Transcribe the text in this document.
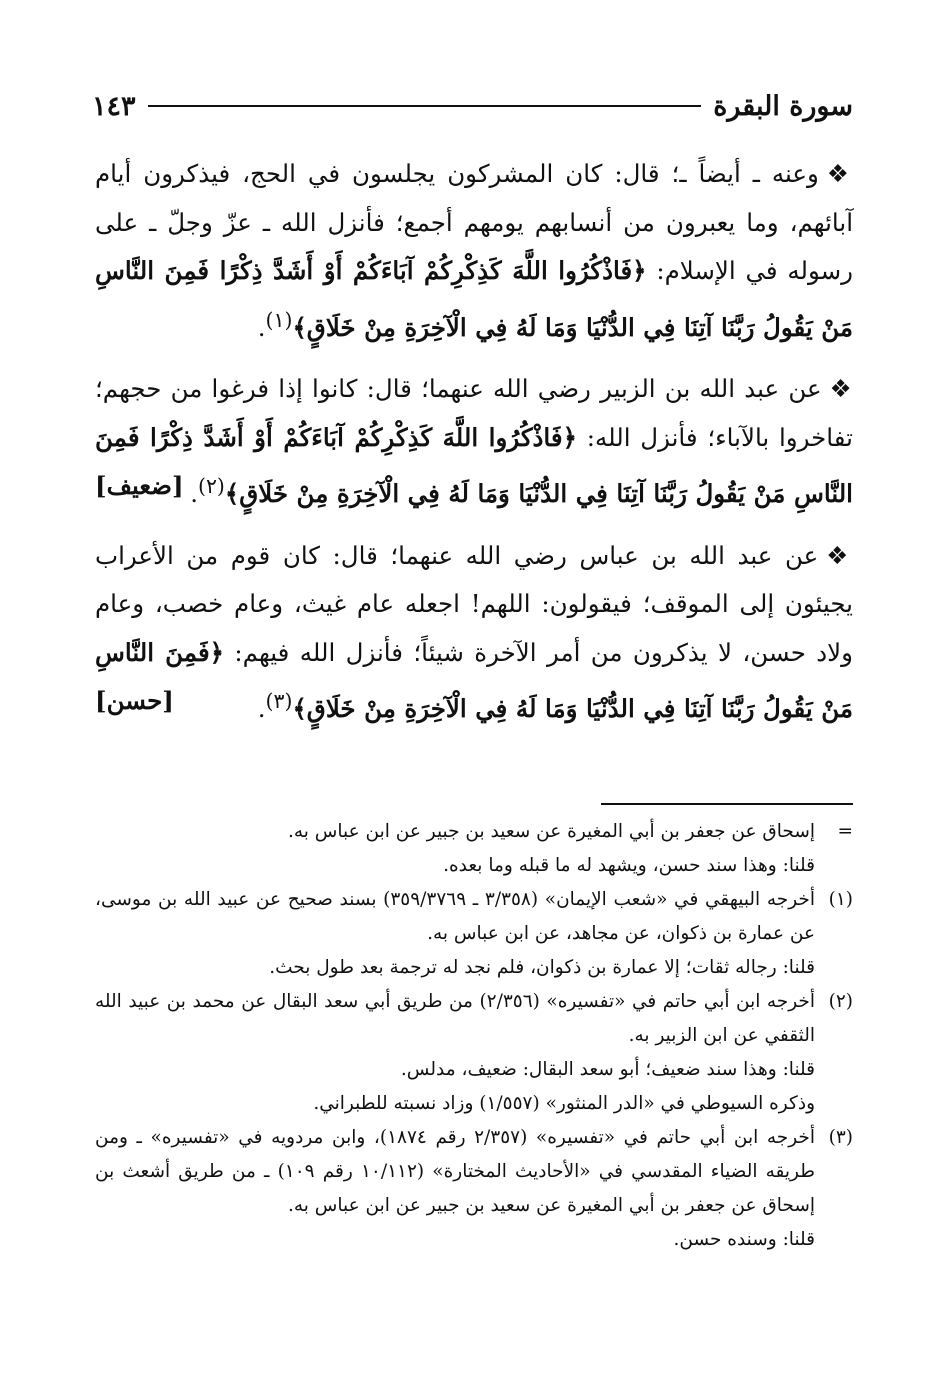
سورة البقرة
١٤٣

❖وعنه ـ أيضاً ـ؛ قال: كان المشركون يجلسون في الحج، فيذكرون أيام آبائهم، وما يعبرون من أنسابهم يومهم أجمع؛ فأنزل الله ـ عزّ وجلّ ـ على رسوله في الإسلام: ﴿فَاذْكُرُوا اللَّهَ كَذِكْرِكُمْ آبَاءَكُمْ أَوْ أَشَدَّ ذِكْرًا فَمِنَ النَّاسِ مَنْ يَقُولُ رَبَّنَا آتِنَا فِي الدُّنْيَا وَمَا لَهُ فِي الْآخِرَةِ مِنْ خَلَاقٍ﴾$^{(١)}$.

❖عن عبد الله بن الزبير رضي الله عنهما؛ قال: كانوا إذا فرغوا من حجهم؛ تفاخروا بالآباء؛ فأنزل الله: ﴿فَاذْكُرُوا اللَّهَ كَذِكْرِكُمْ آبَاءَكُمْ أَوْ أَشَدَّ ذِكْرًا فَمِنَ النَّاسِ مَنْ يَقُولُ رَبَّنَا آتِنَا فِي الدُّنْيَا وَمَا لَهُ فِي الْآخِرَةِ مِنْ خَلَاقٍ﴾$^{(٢)}$.
[ضعيف]
❖عن عبد الله بن عباس رضي الله عنهما؛ قال: كان قوم من الأعراب يجيئون إلى الموقف؛ فيقولون: اللهم! اجعله عام غيث، وعام خصب، وعام ولاد حسن، لا يذكرون من أمر الآخرة شيئاً؛ فأنزل الله فيهم: ﴿فَمِنَ النَّاسِ مَنْ يَقُولُ رَبَّنَا آتِنَا فِي الدُّنْيَا وَمَا لَهُ فِي الْآخِرَةِ مِنْ خَلَاقٍ﴾$^{(٣)}$.
[حسن]
=
إسحاق عن جعفر بن أبي المغيرة عن سعيد بن جبير عن ابن عباس به.
قلنا: وهذا سند حسن، ويشهد له ما قبله وما بعده.
(١)
أخرجه البيهقي في «شعب الإيمان» (٣/٣٥٨ ـ ٣٥٩/٣٧٦٩) بسند صحيح عن عبيد الله بن موسى، عن عمارة بن ذكوان، عن مجاهد، عن ابن عباس به.
قلنا: رجاله ثقات؛ إلا عمارة بن ذكوان، فلم نجد له ترجمة بعد طول بحث.
(٢)
أخرجه ابن أبي حاتم في «تفسيره» (٢/٣٥٦) من طريق أبي سعد البقال عن محمد بن عبيد الله الثقفي عن ابن الزبير به.
قلنا: وهذا سند ضعيف؛ أبو سعد البقال: ضعيف، مدلس.
وذكره السيوطي في «الدر المنثور» (١/٥٥٧) وزاد نسبته للطبراني.
(٣)
أخرجه ابن أبي حاتم في «تفسيره» (٢/٣٥٧ رقم ١٨٧٤)، وابن مردويه في «تفسيره» ـ ومن طريقه الضياء المقدسي في «الأحاديث المختارة» (١٠/١١٢ رقم ١٠٩) ـ من طريق أشعث بن إسحاق عن جعفر بن أبي المغيرة عن سعيد بن جبير عن ابن عباس به.
قلنا: وسنده حسن.
